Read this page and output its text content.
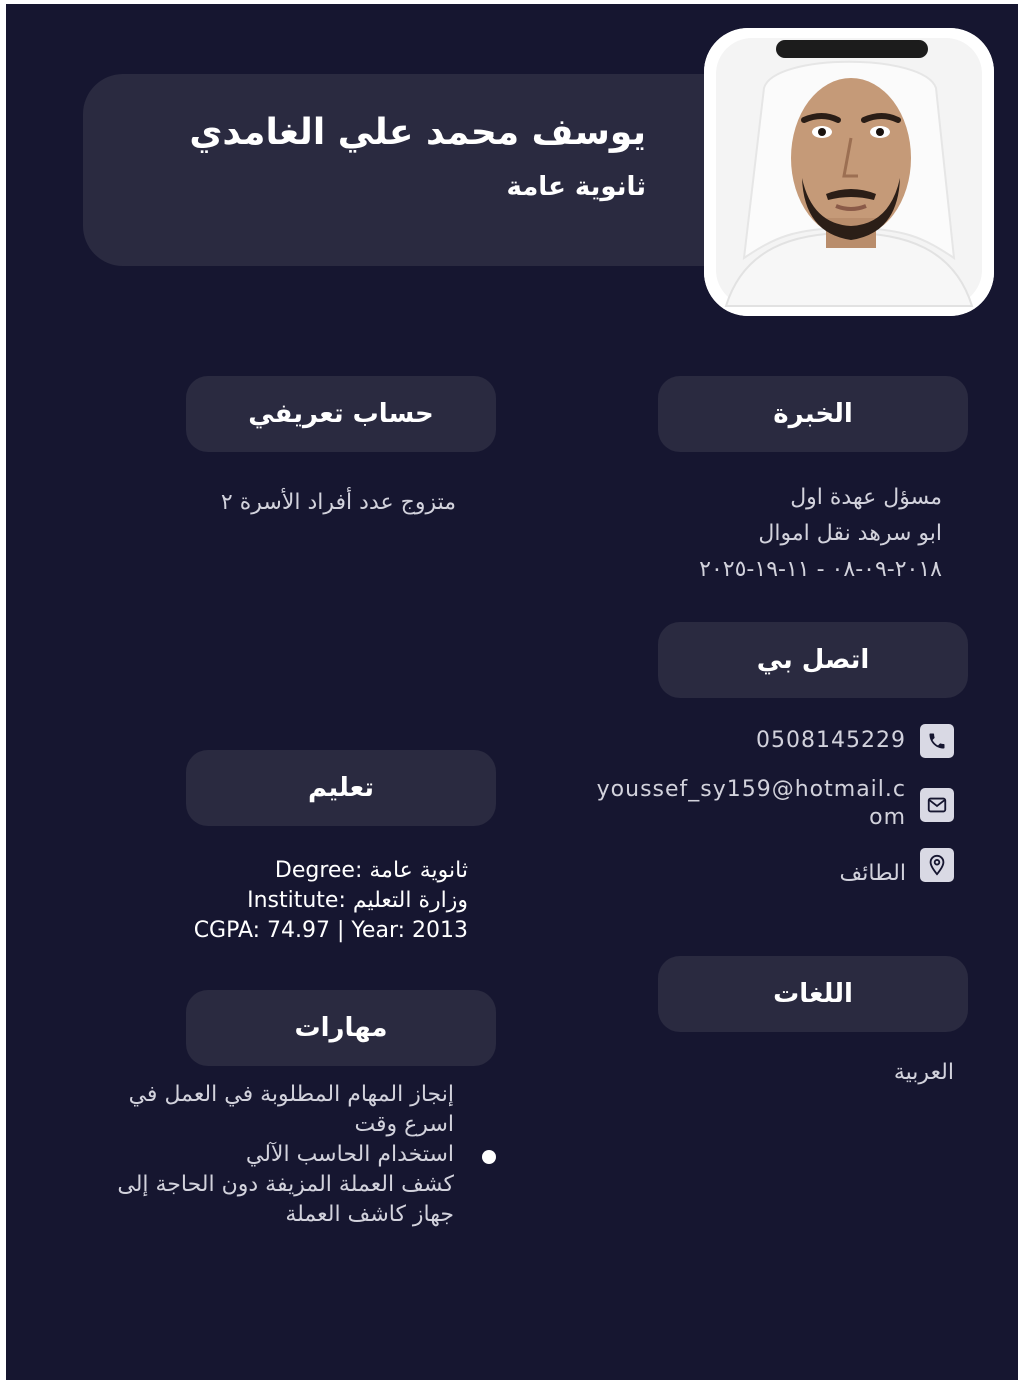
يوسف محمد علي الغامدي
ثانوية عامة
حساب تعريفي
متزوج عدد أفراد الأسرة ٢
تعليم
Degree: ثانوية عامة
Institute: وزارة التعليم
CGPA: 74.97 | Year: 2013
مهارات
إنجاز المهام المطلوبة في العمل في
اسرع وقت
استخدام الحاسب الآلي
كشف العملة المزيفة دون الحاجة إلى
جهاز كاشف العملة
الخبرة
مسؤل عهدة اول
ابو سرهد نقل اموال
٢٠١٨-٠٩-٠٨ - ١١-١٩-٢٠٢٥
اتصل بي
0508145229
youssef_sy159@hotmail.c
om
الطائف
اللغات
العربية
